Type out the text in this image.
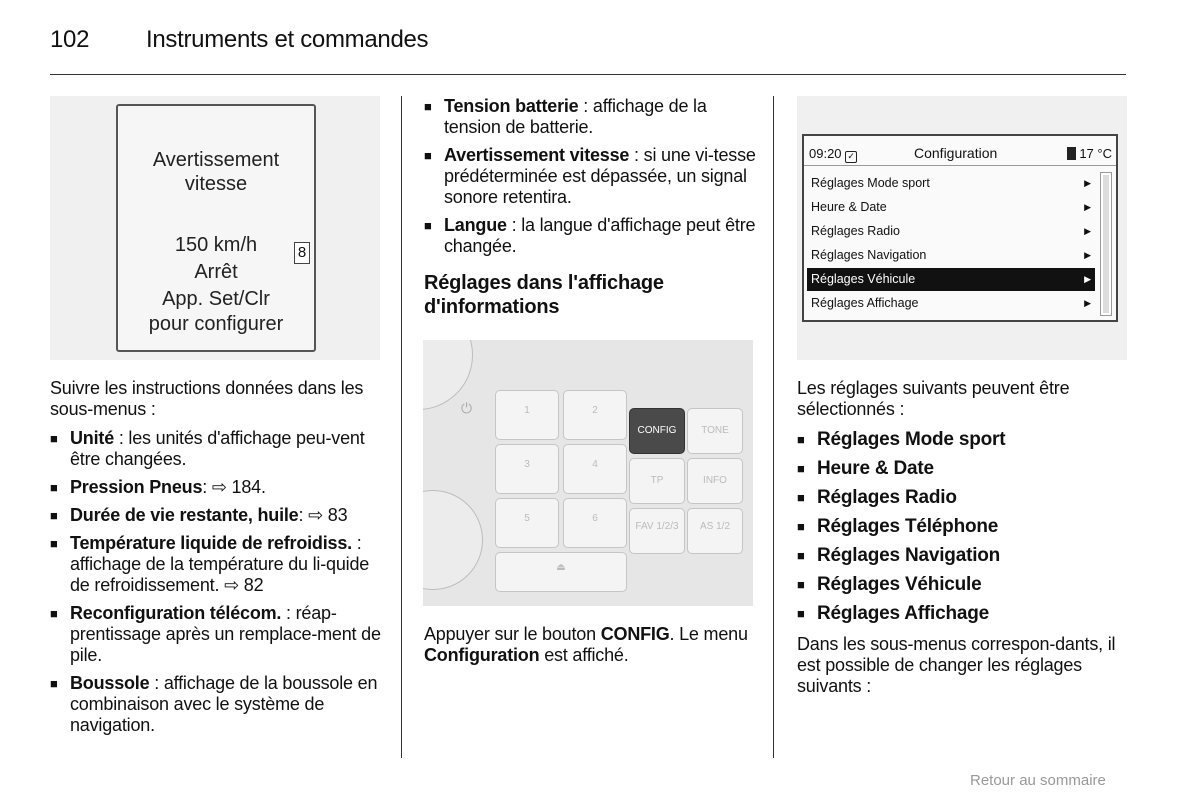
102 Instruments et commandes
Avertissement
vitesse
150 km/h
Arrêt
App. Set/Clr
pour configurer
8

Suivre les instructions données dans les sous-menus :

■ Unité : les unités d'affichage peu-vent être changées.
■ Pression Pneus: ⇨ 184.
■ Durée de vie restante, huile: ⇨ 83
■ Température liquide de refroidiss. : affichage de la température du li-quide de refroidissement. ⇨ 82
■ Reconfiguration télécom. : réap-prentissage après un remplace-ment de pile.
■ Boussole : affichage de la boussole en combinaison avec le système de navigation.
■ Tension batterie : affichage de la tension de batterie.
■ Avertissement vitesse : si une vi-tesse prédéterminée est dépassée, un signal sonore retentira.
■ Langue : la langue d'affichage peut être changée.
Réglages dans l'affichage d'informations
⏻	1	2
3	4
5	6
⏏
CONFIG	TONE
TP	INFO
FAV 1/2/3	AS 1/2
Appuyer sur le bouton CONFIG. Le menu Configuration est affiché.
09:20 ✓	Configuration	17 °C
Réglages Mode sport	▶
Heure & Date	▶
Réglages Radio	▶
Réglages Navigation	▶
Réglages Véhicule	▶
Réglages Affichage	▶

Les réglages suivants peuvent être sélectionnés :

■ Réglages Mode sport
■ Heure & Date
■ Réglages Radio
■ Réglages Téléphone
■ Réglages Navigation
■ Réglages Véhicule
■ Réglages Affichage

Dans les sous-menus correspon-dants, il est possible de changer les réglages suivants :

Retour au sommaire
